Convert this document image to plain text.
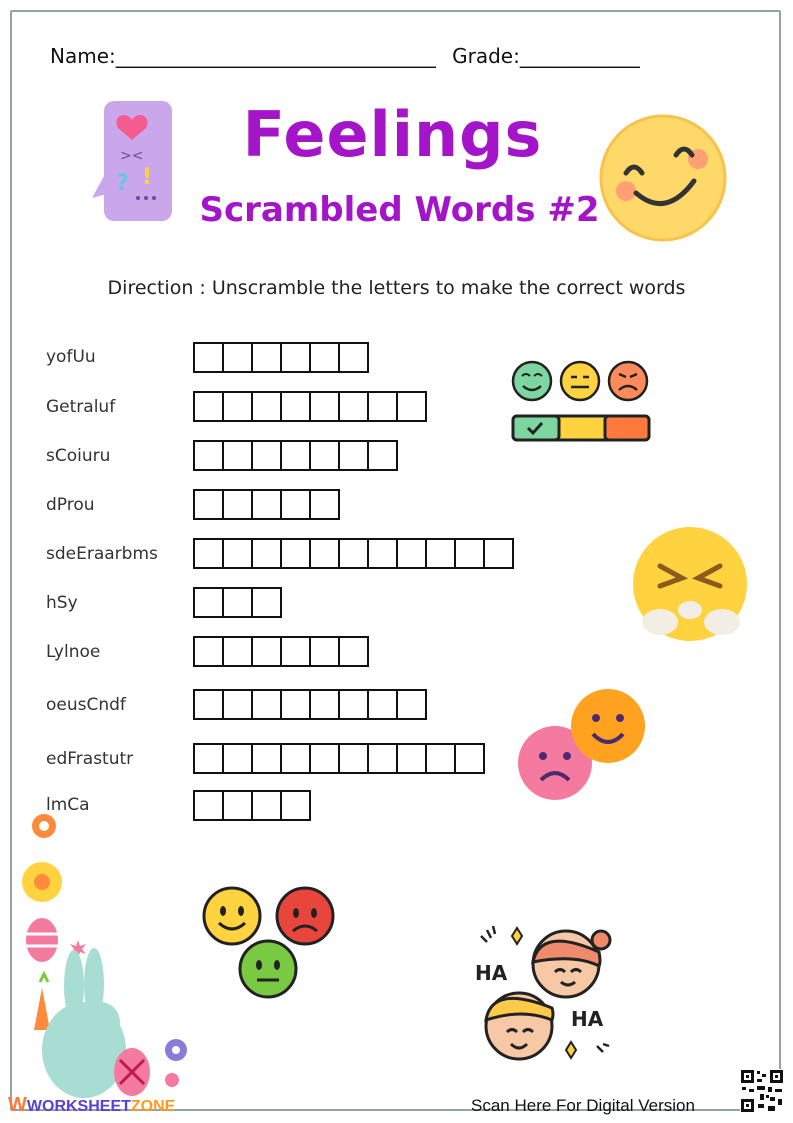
Name:________________________________ Grade:____________
Feelings
Scrambled Words #2
Direction : Unscramble the letters to make the correct words
yofUu
Getraluf
sCoiuru
dProu
sdeEraarbms
hSy
Lylnoe
oeusCndf
edFrastutr
lmCa
><
? !
HA
HA
WWORKSHEETZONE	Scan Here For Digital Version
